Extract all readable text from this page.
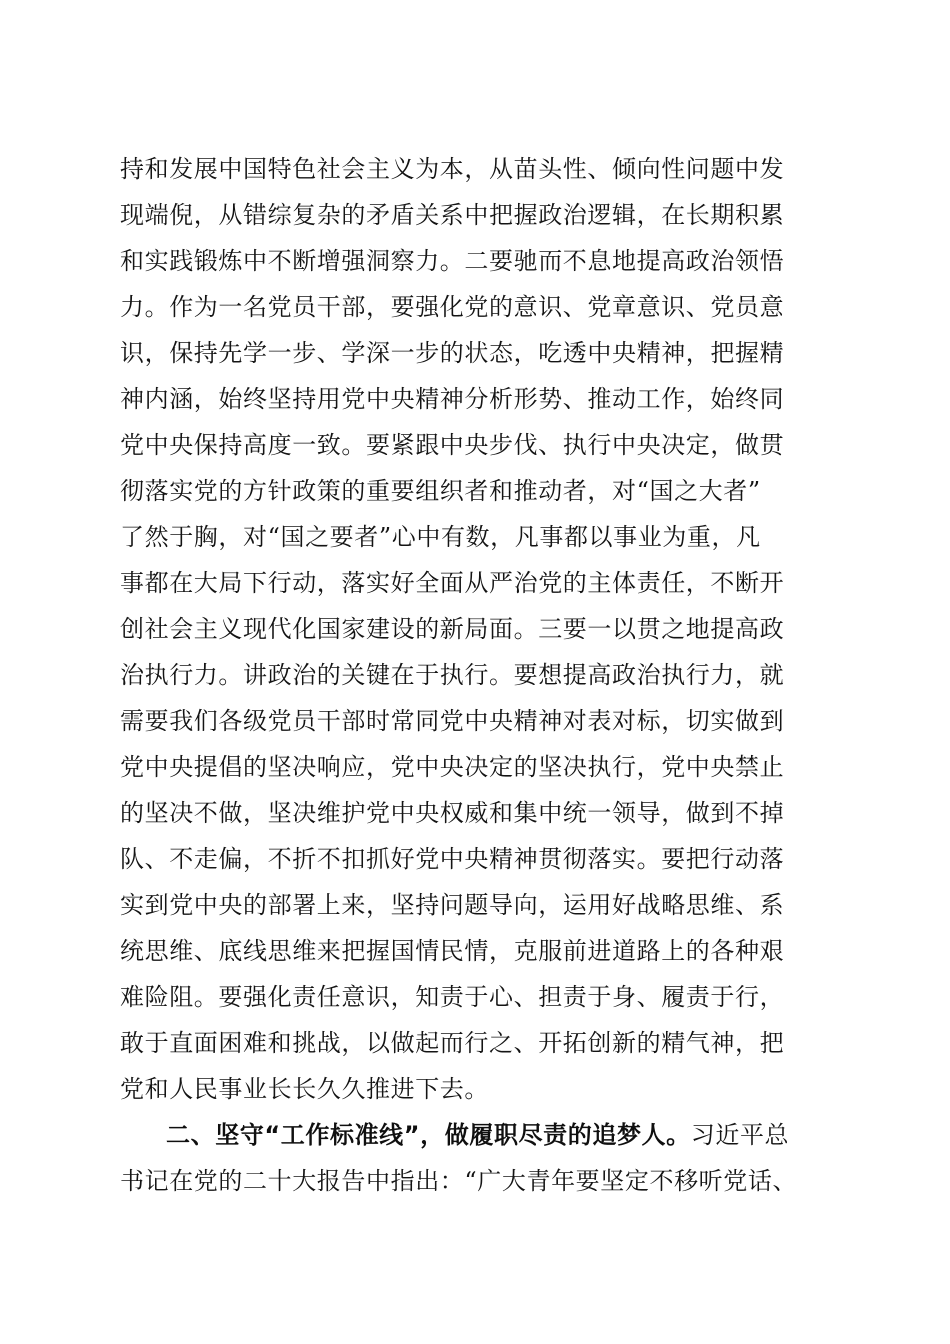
持和发展中国特色社会主义为本，从苗头性、倾向性问题中发
现端倪，从错综复杂的矛盾关系中把握政治逻辑，在长期积累
和实践锻炼中不断增强洞察力。二要驰而不息地提高政治领悟
力。作为一名党员干部，要强化党的意识、党章意识、党员意
识，保持先学一步、学深一步的状态，吃透中央精神，把握精
神内涵，始终坚持用党中央精神分析形势、推动工作，始终同
党中央保持高度一致。要紧跟中央步伐、执行中央决定，做贯
彻落实党的方针政策的重要组织者和推动者，对“国之大者”
了然于胸，对“国之要者”心中有数，凡事都以事业为重，凡
事都在大局下行动，落实好全面从严治党的主体责任，不断开
创社会主义现代化国家建设的新局面。三要一以贯之地提高政
治执行力。讲政治的关键在于执行。要想提高政治执行力，就
需要我们各级党员干部时常同党中央精神对表对标，切实做到
党中央提倡的坚决响应，党中央决定的坚决执行，党中央禁止
的坚决不做，坚决维护党中央权威和集中统一领导，做到不掉
队、不走偏，不折不扣抓好党中央精神贯彻落实。要把行动落
实到党中央的部署上来，坚持问题导向，运用好战略思维、系
统思维、底线思维来把握国情民情，克服前进道路上的各种艰
难险阻。要强化责任意识，知责于心、担责于身、履责于行，
敢于直面困难和挑战，以做起而行之、开拓创新的精气神，把
党和人民事业长长久久推进下去。
二、坚守“工作标准线”，做履职尽责的追梦人。习近平总
书记在党的二十大报告中指出：“广大青年要坚定不移听党话、
